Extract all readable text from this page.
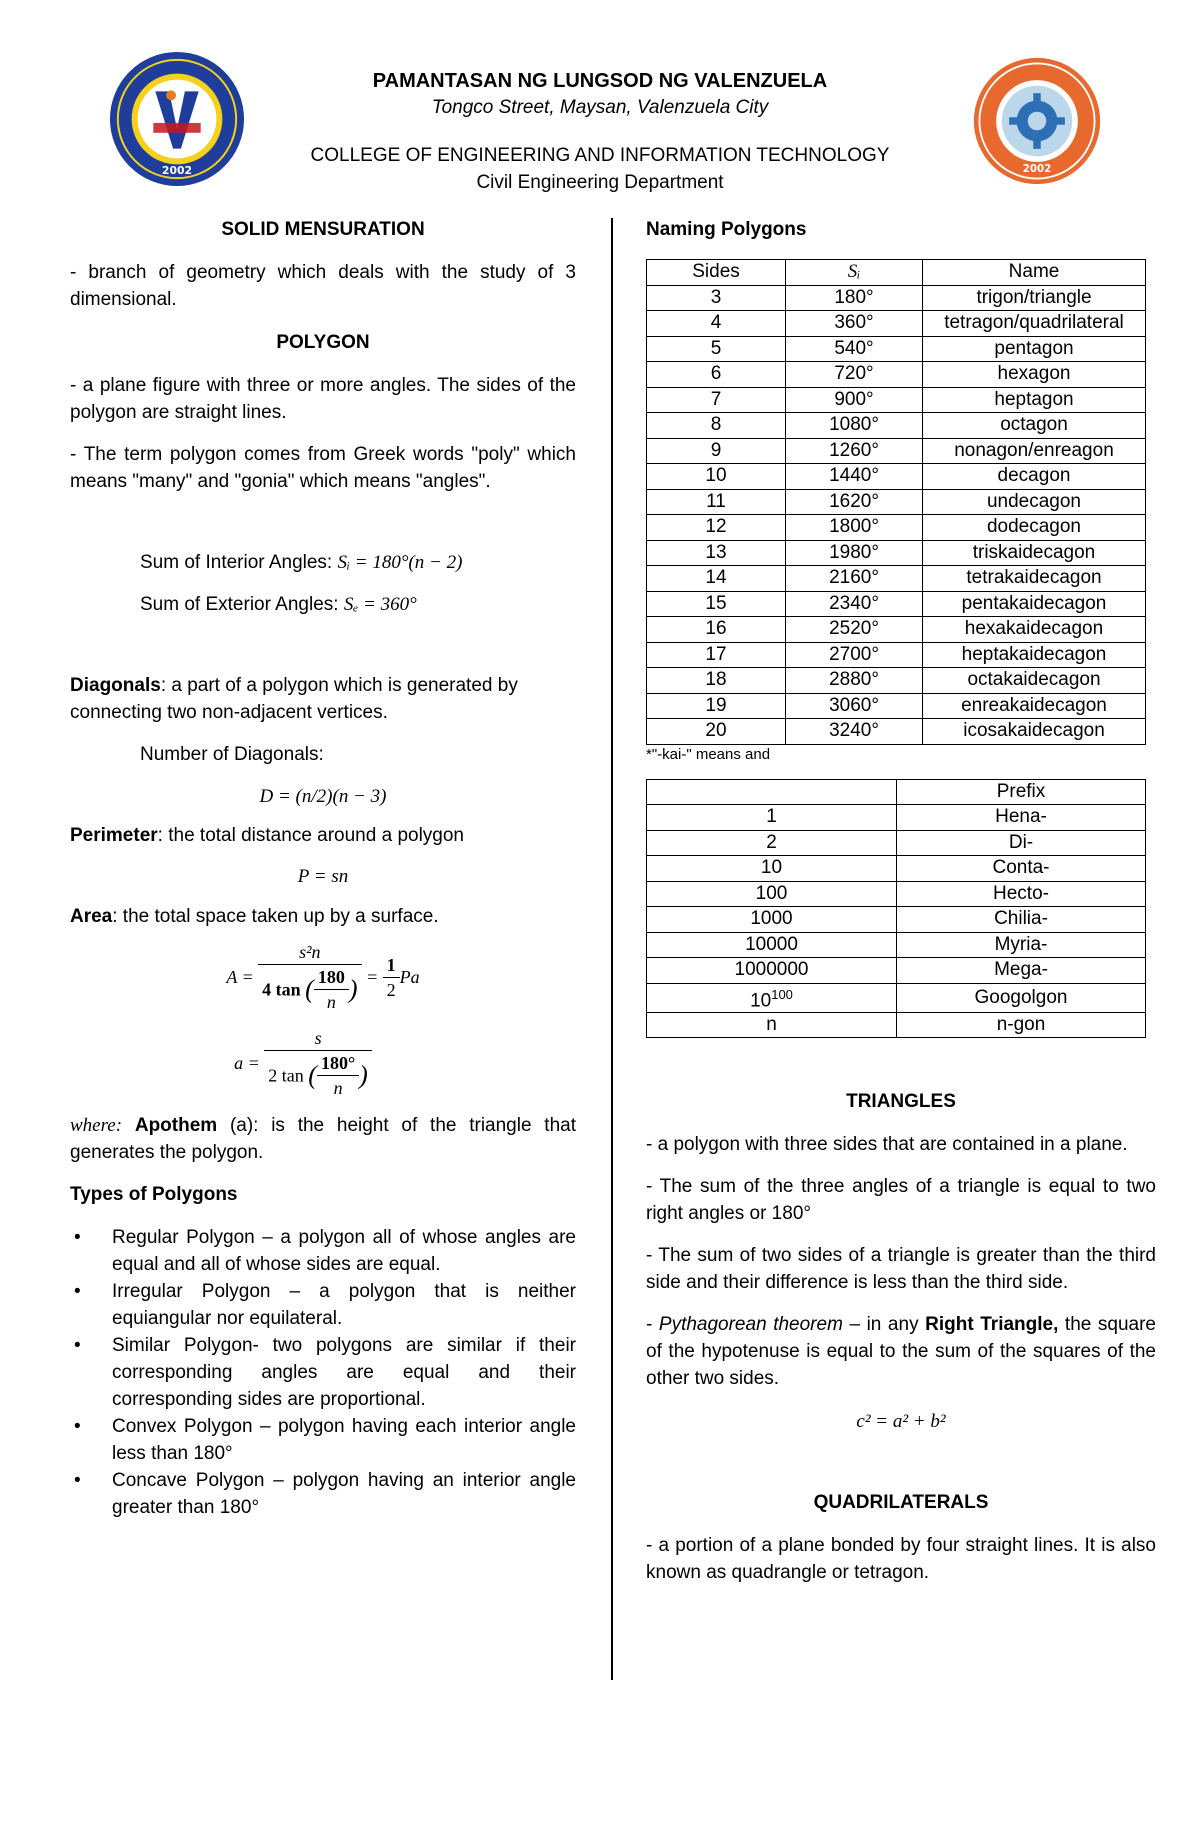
2002
PAMANTASAN NG LUNGSOD NG VALENZUELA
Tongco Street, Maysan, Valenzuela City
COLLEGE OF ENGINEERING AND INFORMATION TECHNOLOGY
Civil Engineering Department
2002

SOLID MENSURATION

- branch of geometry which deals with the study of 3 dimensional.

POLYGON

- a plane figure with three or more angles. The sides of the polygon are straight lines.

- The term polygon comes from Greek words "poly" which means "many" and "gonia" which means "angles".

Sum of Interior Angles: Sᵢ = 180°(n − 2)

Sum of Exterior Angles: Sₑ = 360°

Diagonals: a part of a polygon which is generated by connecting two non-adjacent vertices.

Number of Diagonals:

D = (n/2)(n − 3)

Perimeter: the total distance around a polygon

P = sn

Area: the total space taken up by a surface.

$A = \frac{\text{s²n}}{4 \tan ( \frac{180}{n} )} = \frac{1}{2}$ Pa
$a = \frac{s}{2 \tan ( \frac{180^\circ}{n} )}$

where: Apothem (a): is the height of the triangle that generates the polygon.

Types of Polygons

• Regular Polygon – a polygon all of whose angles are equal and all of whose sides are equal.
• Irregular Polygon – a polygon that is neither equiangular nor equilateral.
• Similar Polygon- two polygons are similar if their corresponding angles are equal and their corresponding sides are proportional.
• Convex Polygon – polygon having each interior angle less than 180°
• Concave Polygon – polygon having an interior angle greater than 180°

Naming Polygons

Sides	Sᵢ	Name
3	180°	trigon/triangle
4	360°	tetragon/quadrilateral
5	540°	pentagon
6	720°	hexagon
7	900°	heptagon
8	1080°	octagon
9	1260°	nonagon/enreagon
10	1440°	decagon
11	1620°	undecagon
12	1800°	dodecagon
13	1980°	triskaidecagon
14	2160°	tetrakaidecagon
15	2340°	pentakaidecagon
16	2520°	hexakaidecagon
17	2700°	heptakaidecagon
18	2880°	octakaidecagon
19	3060°	enreakaidecagon
20	3240°	icosakaidecagon

*"-kai-" means and

	Prefix
1	Hena-
2	Di-
10	Conta-
100	Hecto-
1000	Chilia-
10000	Myria-
1000000	Mega-
$10^{100}$	Googolgon
n	n-gon

TRIANGLES

- a polygon with three sides that are contained in a plane.

- The sum of the three angles of a triangle is equal to two right angles or 180°

- The sum of two sides of a triangle is greater than the third side and their difference is less than the third side.

- Pythagorean theorem – in any Right Triangle, the square of the hypotenuse is equal to the sum of the squares of the other two sides.

c² = a² + b²

QUADRILATERALS

- a portion of a plane bonded by four straight lines. It is also known as quadrangle or tetragon.
